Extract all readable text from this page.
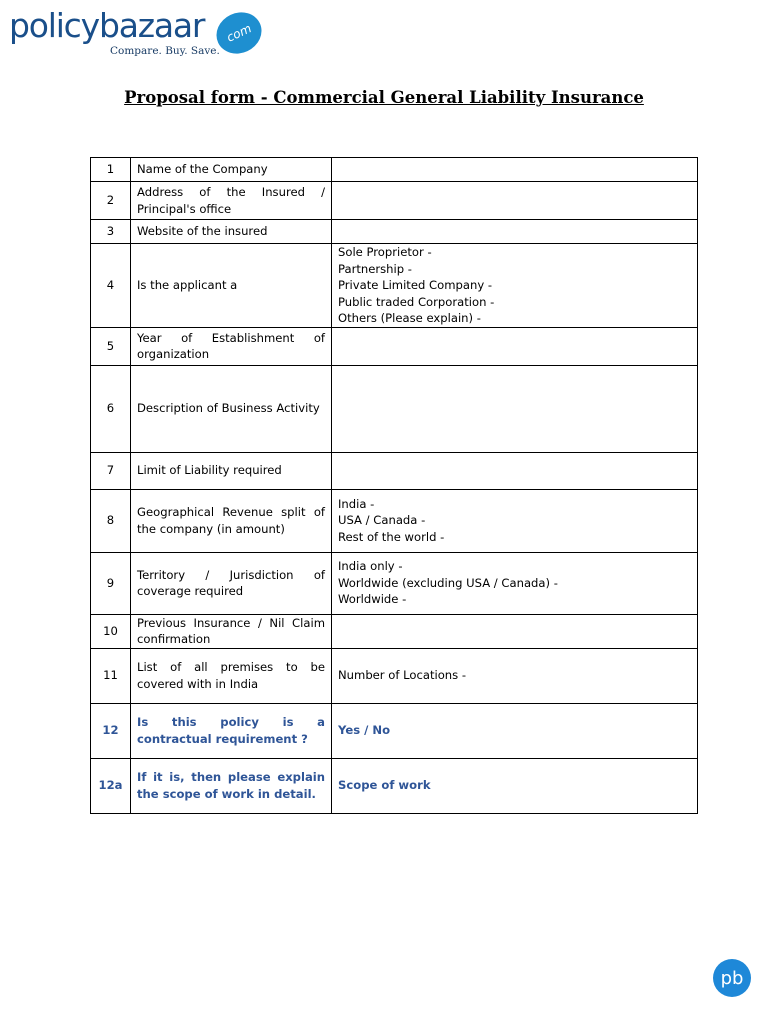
policybazaar	com
Compare. Buy. Save.
Proposal form - Commercial General Liability Insurance
1	Name of the Company	
2	Address of the Insured / Principal's office	
3	Website of the insured	
4	Is the applicant a	Sole Proprietor -
Partnership -
Private Limited Company -
Public traded Corporation -
Others (Please explain) -

5	Year of Establishment of organization	
6	Description of Business Activity	
7	Limit of Liability required	
8	Geographical Revenue split of the company (in amount)	India -
USA / Canada -
Rest of the world -

9	Territory / Jurisdiction of coverage required	India only -
Worldwide (excluding USA / Canada) -
Worldwide -

10	Previous Insurance / Nil Claim confirmation	
11	List of all premises to be covered with in India	Number of Locations -

12	Is this policy is a contractual requirement ?	Yes / No

12a	If it is, then please explain the scope of work in detail.	Scope of work
pb
